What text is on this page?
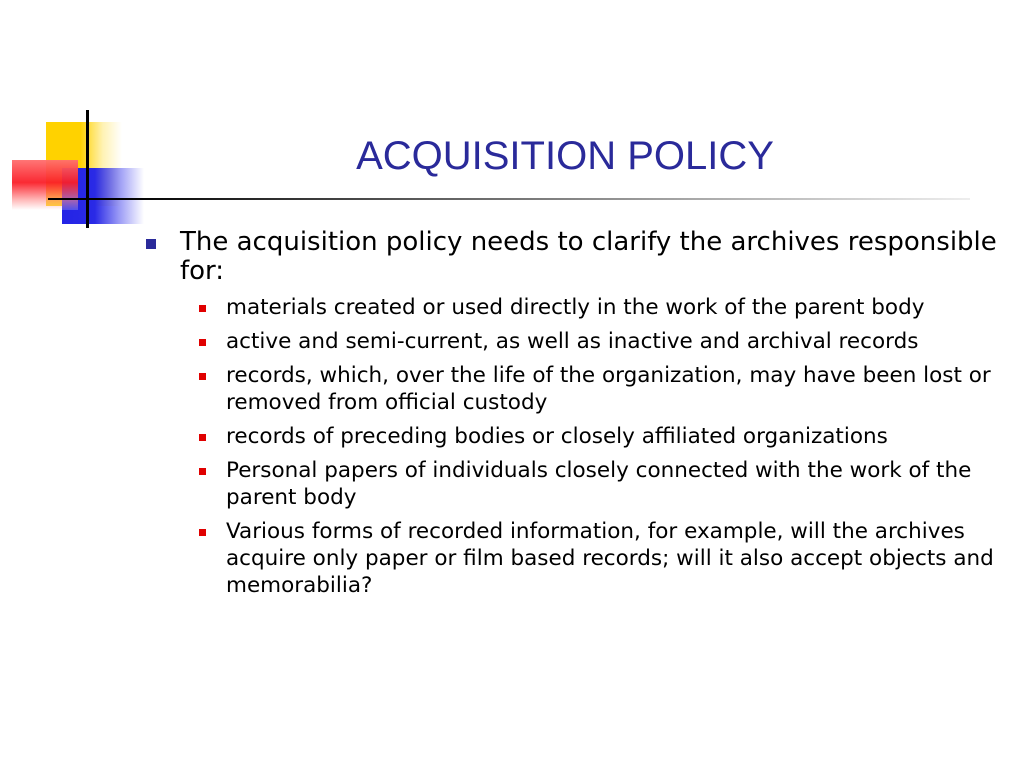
ACQUISITION POLICY
The acquisition policy needs to clarify the archives responsible for:
materials created or used directly in the work of the parent body
active and semi-current, as well as inactive and archival records
records, which, over the life of the organization, may have been lost or removed from official custody
records of preceding bodies or closely affiliated organizations
Personal papers of individuals closely connected with the work of the parent body
Various forms of recorded information, for example, will the archives acquire only paper or film based records; will it also accept objects and memorabilia?
